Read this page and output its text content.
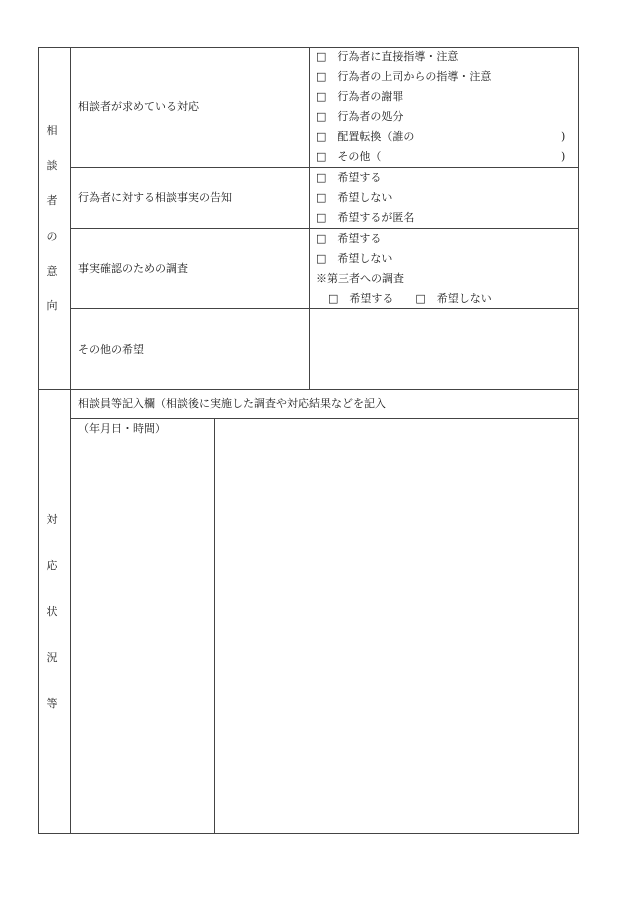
相
談
者
の
意
向
相談者が求めている対応
□　行為者に直接指導・注意
□　行為者の上司からの指導・注意
□　行為者の謝罪
□　行為者の処分
□　配置転換（誰の	)
□　その他（	)
行為者に対する相談事実の告知
□　希望する
□　希望しない
□　希望するが匿名
事実確認のための調査
□　希望する
□　希望しない
※第三者への調査
□　希望する　　□　希望しない
その他の希望
対
応
状
況
等
相談員等記入欄（相談後に実施した調査や対応結果などを記入
（年月日・時間）
